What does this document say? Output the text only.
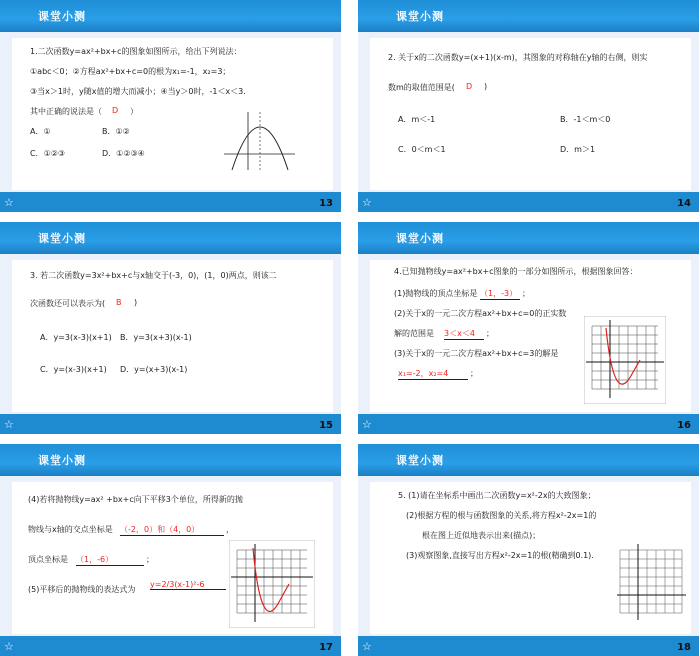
课堂小测
1.二次函数y=ax²+bx+c的图象如图所示，给出下列说法：
①abc＜0；②方程ax²+bx+c=0的根为x₁=-1，x₂=3；
③当x＞1时，y随x值的增大而减小；④当y＞0时，-1＜x＜3．
其中正确的说法是（ D ）
A．①	B．①②
C．①②③	D．①②③④
☆	13
课堂小测
2. 关于x的二次函数y=(x+1)(x-m)，其图象的对称轴在y轴的右侧，则实
数m的取值范围是( D )
A．m＜-1	B．-1＜m＜0
C．0＜m＜1	D．m＞1
☆	14
课堂小测
3. 若二次函数y=3x²+bx+c与x轴交于(-3，0)，(1，0)两点，则该二
次函数还可以表示为( B )
A．y=3(x-3)(x+1) B．y=3(x+3)(x-1)
C．y=(x-3)(x+1) D．y=(x+3)(x-1)
☆	15
课堂小测
4.已知抛物线y=ax²+bx+c图象的一部分如图所示，根据图象回答：
(1)抛物线的顶点坐标是 （1，-3） ；
(2)关于x的一元二次方程ax²+bx+c=0的正实数
解的范围是 3＜x＜4	；
(3)关于x的一元二次方程ax²+bx+c=3的解是
x₁=-2，x₂=4	；
☆	16
课堂小测
(4)若将抛物线y=ax² +bx+c向下平移3个单位，所得新的抛
物线与x轴的交点坐标是 （-2，0）和（4，0）	，
顶点坐标是 （1，-6）	；
(5)平移后的抛物线的表达式为
y=2/3(x-1)²-6
☆	17
课堂小测
5. (1)请在坐标系中画出二次函数y=x²-2x的大致图象；
(2)根据方程的根与函数图象的关系,将方程x²-2x=1的
根在图上近似地表示出来(描点)；
(3)观察图象,直接写出方程x²-2x=1的根(精确到0.1).
☆	18
